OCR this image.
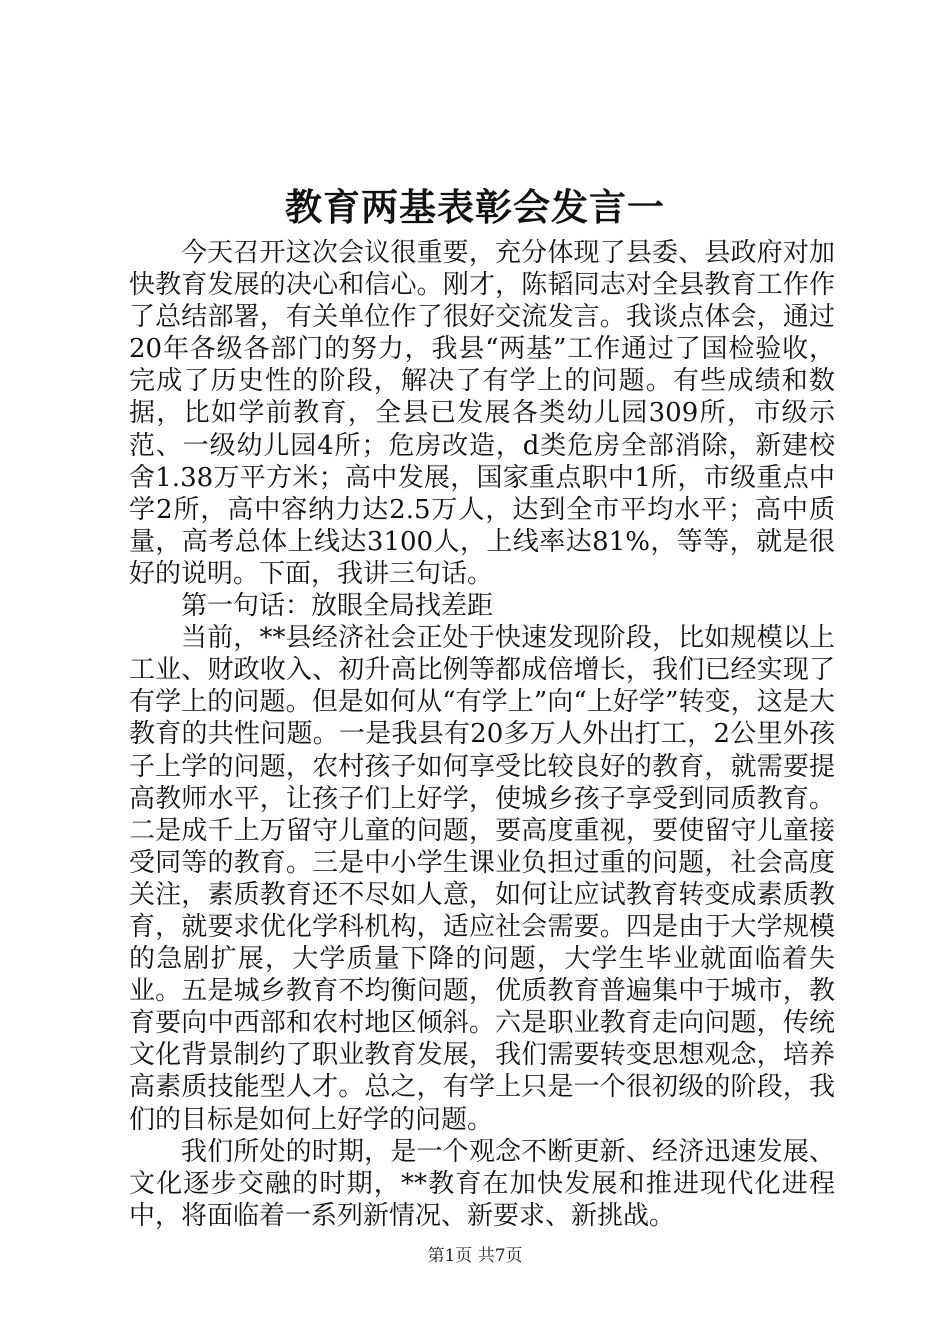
教育两基表彰会发言一

今天召开这次会议很重要，充分体现了县委、县政府对加快教育发展的决心和信心。刚才，陈韬同志对全县教育工作作了总结部署，有关单位作了很好交流发言。我谈点体会，通过20年各级各部门的努力，我县“两基”工作通过了国检验收，完成了历史性的阶段，解决了有学上的问题。有些成绩和数据，比如学前教育，全县已发展各类幼儿园309所，市级示范、一级幼儿园4所；危房改造，d类危房全部消除，新建校舍1.38万平方米；高中发展，国家重点职中1所，市级重点中学2所，高中容纳力达2.5万人，达到全市平均水平；高中质量，高考总体上线达3100人，上线率达81%，等等，就是很好的说明。下面，我讲三句话。

第一句话：放眼全局找差距

当前，**县经济社会正处于快速发现阶段，比如规模以上工业、财政收入、初升高比例等都成倍增长，我们已经实现了有学上的问题。但是如何从“有学上”向“上好学”转变，这是大教育的共性问题。一是我县有20多万人外出打工，2公里外孩子上学的问题，农村孩子如何享受比较良好的教育，就需要提高教师水平，让孩子们上好学，使城乡孩子享受到同质教育。二是成千上万留守儿童的问题，要高度重视，要使留守儿童接受同等的教育。三是中小学生课业负担过重的问题，社会高度关注，素质教育还不尽如人意，如何让应试教育转变成素质教育，就要求优化学科机构，适应社会需要。四是由于大学规模的急剧扩展，大学质量下降的问题，大学生毕业就面临着失业。五是城乡教育不均衡问题，优质教育普遍集中于城市，教育要向中西部和农村地区倾斜。六是职业教育走向问题，传统文化背景制约了职业教育发展，我们需要转变思想观念，培养高素质技能型人才。总之，有学上只是一个很初级的阶段，我们的目标是如何上好学的问题。

我们所处的时期，是一个观念不断更新、经济迅速发展、文化逐步交融的时期，**教育在加快发展和推进现代化进程中，将面临着一系列新情况、新要求、新挑战。

第1页 共7页
